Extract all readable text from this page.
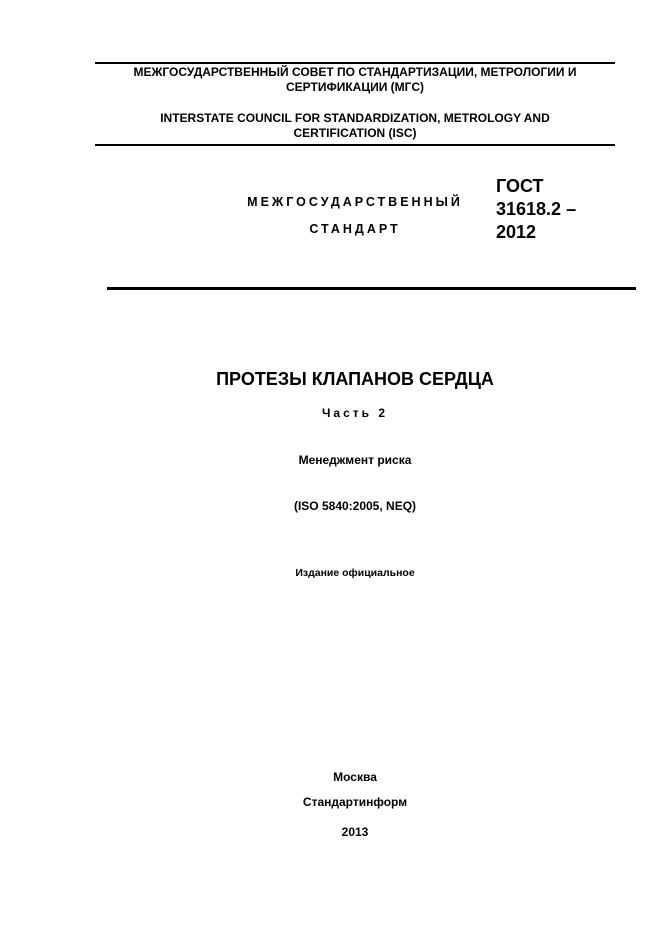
МЕЖГОСУДАРСТВЕННЫЙ СОВЕТ ПО СТАНДАРТИЗАЦИИ, МЕТРОЛОГИИ И
СЕРТИФИКАЦИИ (МГС)
INTERSTATE COUNCIL FOR STANDARDIZATION, METROLOGY AND
CERTIFICATION (ISC)
МЕЖГОСУДАРСТВЕННЫЙ
СТАНДАРТ
ГОСТ
31618.2 –
2012
ПРОТЕЗЫ КЛАПАНОВ СЕРДЦА
Часть 2
Менеджмент риска
(ISO 5840:2005, NEQ)
Издание официальное
Москва
Стандартинформ
2013
